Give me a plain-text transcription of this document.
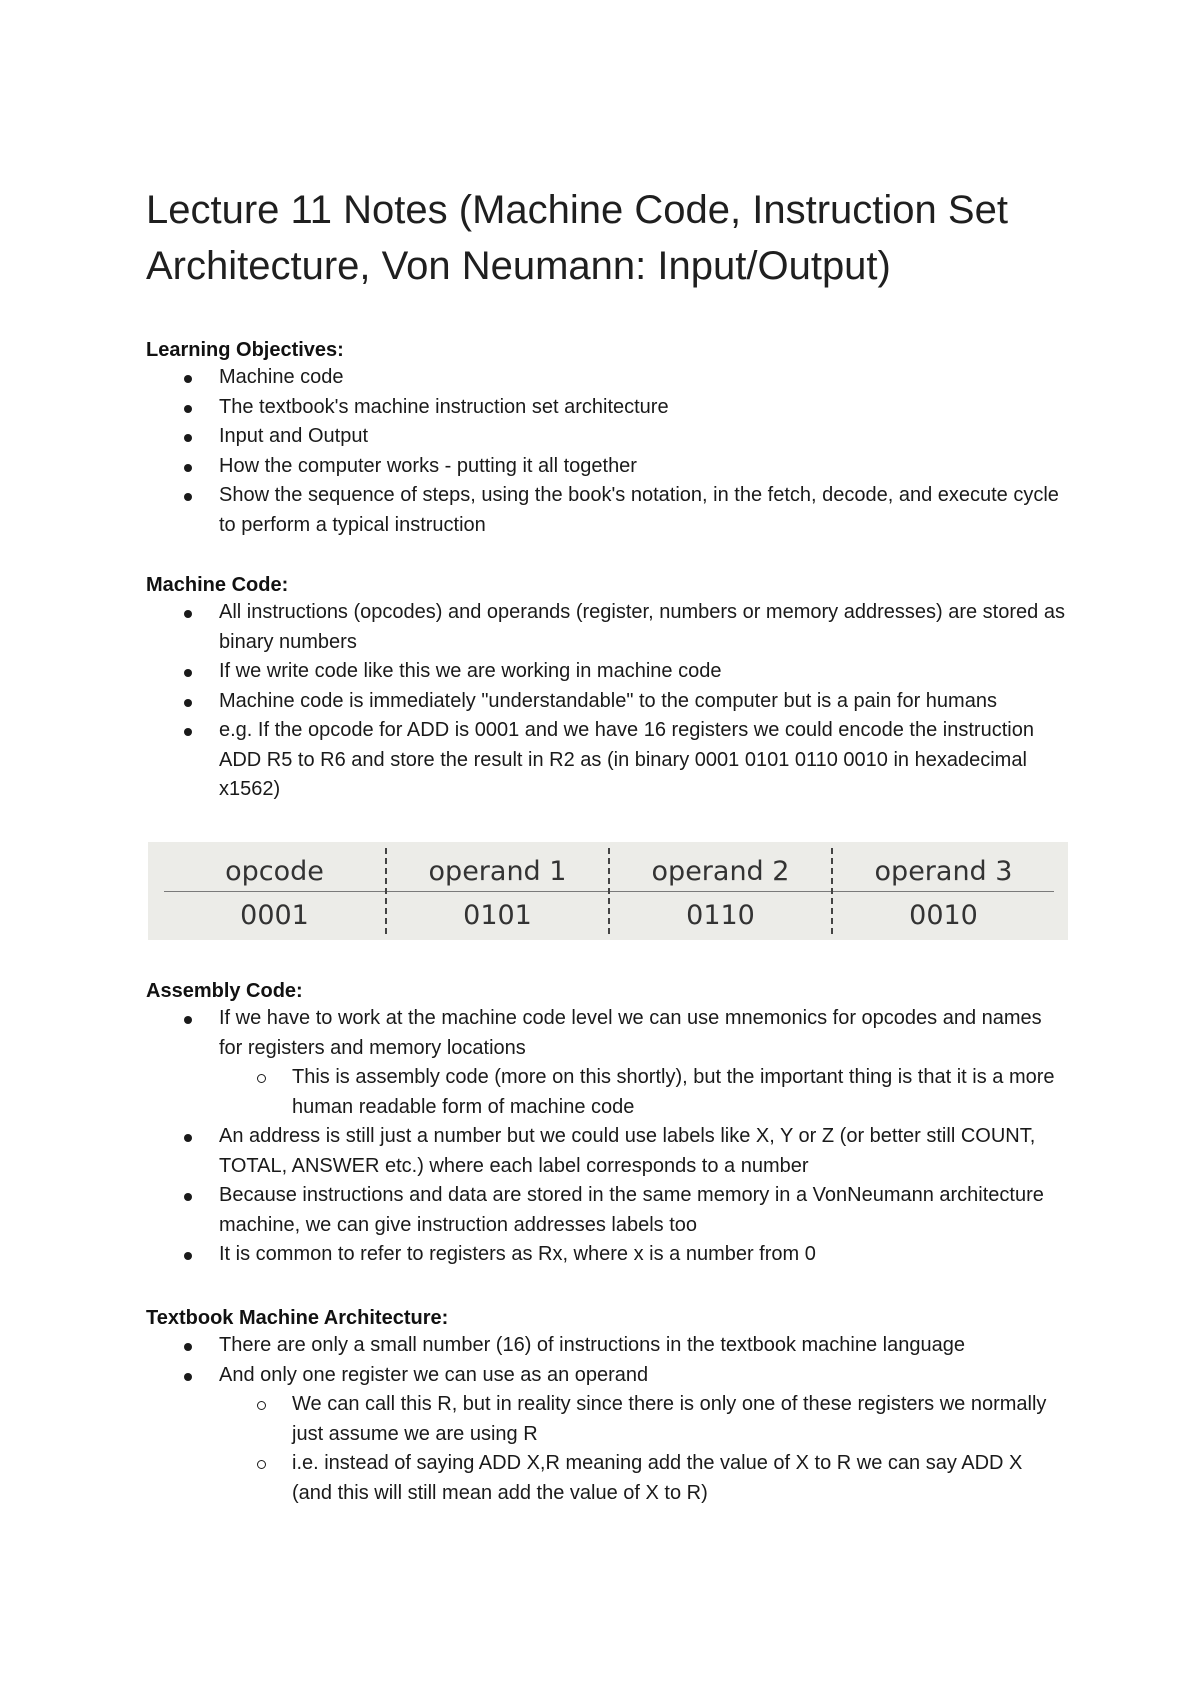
Lecture 11 Notes (Machine Code, Instruction Set Architecture, Von Neumann: Input/Output)
Learning Objectives:
Machine code
The textbook's machine instruction set architecture
Input and Output
How the computer works - putting it all together
Show the sequence of steps, using the book's notation, in the fetch, decode, and execute cycle to perform a typical instruction
Machine Code:
All instructions (opcodes) and operands (register, numbers or memory addresses) are stored as binary numbers
If we write code like this we are working in machine code
Machine code is immediately "understandable" to the computer but is a pain for humans
e.g. If the opcode for ADD is 0001 and we have 16 registers we could encode the instruction ADD R5 to R6 and store the result in R2 as (in binary 0001 0101 0110 0010 in hexadecimal x1562)
opcode
0001
operand 1
0101
operand 2
0110
operand 3
0010
Assembly Code:
If we have to work at the machine code level we can use mnemonics for opcodes and names for registers and memory locations
This is assembly code (more on this shortly), but the important thing is that it is a more human readable form of machine code
An address is still just a number but we could use labels like X, Y or Z (or better still COUNT, TOTAL, ANSWER etc.) where each label corresponds to a number
Because instructions and data are stored in the same memory in a VonNeumann architecture machine, we can give instruction addresses labels too
It is common to refer to registers as Rx, where x is a number from 0
Textbook Machine Architecture:
There are only a small number (16) of instructions in the textbook machine language
And only one register we can use as an operand
We can call this R, but in reality since there is only one of these registers we normally just assume we are using R
i.e. instead of saying ADD X,R meaning add the value of X to R we can say ADD X (and this will still mean add the value of X to R)
